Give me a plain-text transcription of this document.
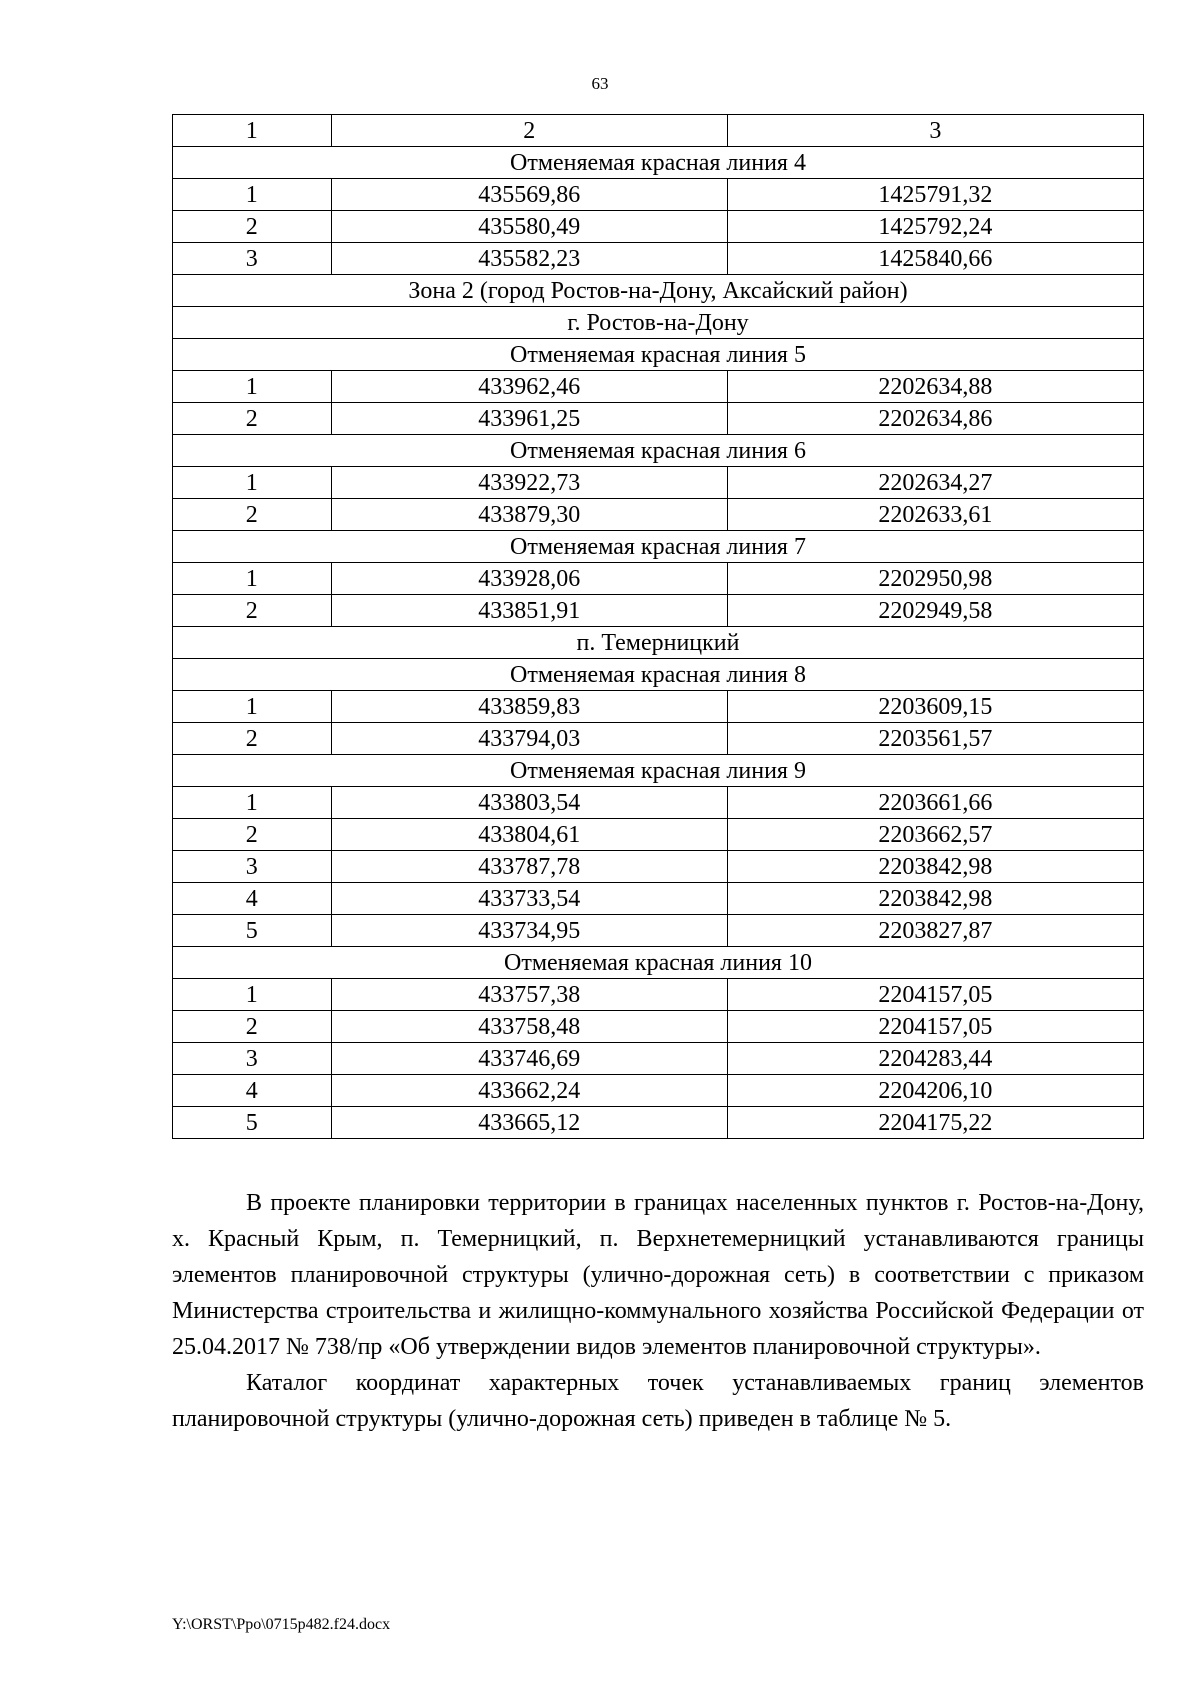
63
1	2	3
Отменяемая красная линия 4		
1	435569,86	1425791,32
2	435580,49	1425792,24
3	435582,23	1425840,66
Зона 2 (город Ростов-на-Дону, Аксайский район)		
г. Ростов-на-Дону		
Отменяемая красная линия 5		
1	433962,46	2202634,88
2	433961,25	2202634,86
Отменяемая красная линия 6		
1	433922,73	2202634,27
2	433879,30	2202633,61
Отменяемая красная линия 7		
1	433928,06	2202950,98
2	433851,91	2202949,58
п. Темерницкий		
Отменяемая красная линия 8		
1	433859,83	2203609,15
2	433794,03	2203561,57
Отменяемая красная линия 9		
1	433803,54	2203661,66
2	433804,61	2203662,57
3	433787,78	2203842,98
4	433733,54	2203842,98
5	433734,95	2203827,87
Отменяемая красная линия 10		
1	433757,38	2204157,05
2	433758,48	2204157,05
3	433746,69	2204283,44
4	433662,24	2204206,10
5	433665,12	2204175,22

В проекте планировки территории в границах населенных пунктов г. Ростов-на-Дону, х. Красный Крым, п. Темерницкий, п. Верхнетемерницкий устанавливаются границы элементов планировочной структуры (улично-дорожная сеть) в соответствии с приказом Министерства строительства и жилищно-коммунального хозяйства Российской Федерации от 25.04.2017 № 738/пр «Об утверждении видов элементов планировочной структуры».

Каталог координат характерных точек устанавливаемых границ элементов планировочной структуры (улично-дорожная сеть) приведен в таблице № 5.

Y:\ORST\Ppo\0715p482.f24.docx
